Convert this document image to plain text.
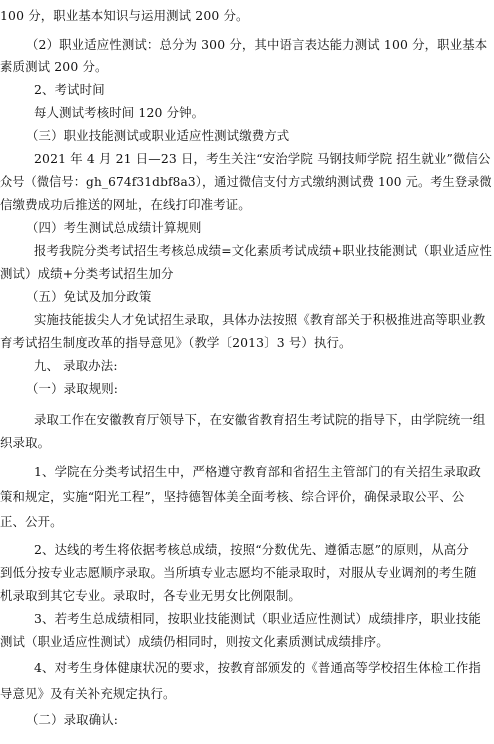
100 分，职业基本知识与运用测试 200 分。
（2）职业适应性测试：总分为 300 分，其中语言表达能力测试 100 分，职业基本
素质测试 200 分。
2、考试时间
每人测试考核时间 120 分钟。
（三）职业技能测试或职业适应性测试缴费方式
2021 年 4 月 21 日—23 日，考生关注“安治学院 马钢技师学院 招生就业”微信公
众号（微信号：gh_674f31dbf8a3），通过微信支付方式缴纳测试费 100 元。考生登录微
信缴费成功后推送的网址，在线打印准考证。
（四）考生测试总成绩计算规则
报考我院分类考试招生考核总成绩=文化素质考试成绩+职业技能测试（职业适应性
测试）成绩+分类考试招生加分
（五）免试及加分政策
实施技能拔尖人才免试招生录取，具体办法按照《教育部关于积极推进高等职业教
育考试招生制度改革的指导意见》（教学〔2013〕3 号）执行。
九、 录取办法:
（一）录取规则:
录取工作在安徽教育厅领导下，在安徽省教育招生考试院的指导下，由学院统一组
织录取。
1、学院在分类考试招生中，严格遵守教育部和省招生主管部门的有关招生录取政
策和规定，实施“阳光工程”，坚持德智体美全面考核、综合评价，确保录取公平、公
正、公开。
2、达线的考生将依据考核总成绩，按照“分数优先、遵循志愿”的原则，从高分
到低分按专业志愿顺序录取。当所填专业志愿均不能录取时，对服从专业调剂的考生随
机录取到其它专业。录取时，各专业无男女比例限制。
3、若考生总成绩相同，按职业技能测试（职业适应性测试）成绩排序，职业技能
测试（职业适应性测试）成绩仍相同时，则按文化素质测试成绩排序。
4、对考生身体健康状况的要求，按教育部颁发的《普通高等学校招生体检工作指
导意见》及有关补充规定执行。
（二）录取确认:
